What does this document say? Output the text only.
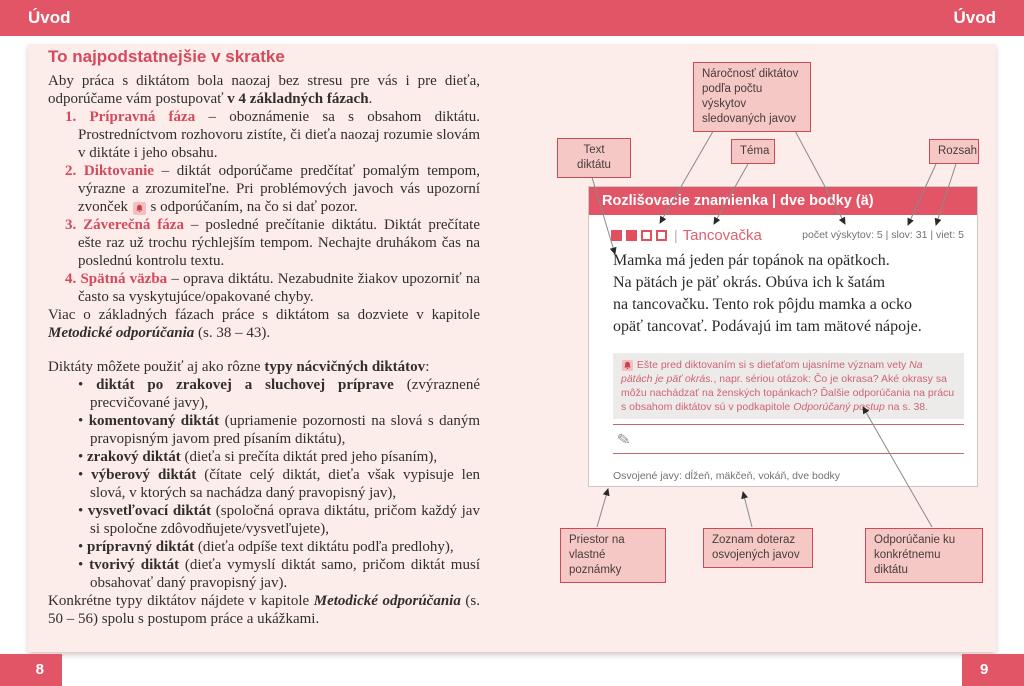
Úvod	Úvod
To najpodstatnejšie v skratke

Aby práca s diktátom bola naozaj bez stresu pre vás i pre dieťa, odporúčame vám postupovať v 4 základných fázach.

1. Prípravná fáza – oboznámenie sa s obsahom diktátu. Prostredníctvom rozhovoru zistíte, či dieťa naozaj rozumie slovám v diktáte i jeho obsahu.

2. Diktovanie – diktát odporúčame predčítať pomalým tempom, výrazne a zrozumiteľne. Pri problémových javoch vás upozorní zvonček
s odporúčaním, na čo si dať pozor.

3. Záverečná fáza – posledné prečítanie diktátu. Diktát prečítate ešte raz už trochu rýchlejším tempom. Nechajte druhákom čas na poslednú kontrolu textu.

4. Spätná väzba – oprava diktátu. Nezabudnite žiakov upozorniť na často sa vyskytujúce/opakované chyby.

Viac o základných fázach práce s diktátom sa dozviete v kapitole Metodické odporúčania (s. 38 – 43).

Diktáty môžete použiť aj ako rôzne typy nácvičných diktátov:

• diktát po zrakovej a sluchovej príprave (zvýraznené precvičované javy),

• komentovaný diktát (upriamenie pozornosti na slová s daným pravopisným javom pred písaním diktátu),

• zrakový diktát (dieťa si prečíta diktát pred jeho písaním),

• výberový diktát (čítate celý diktát, dieťa však vypisuje len slová, v ktorých sa nachádza daný pravopisný jav),

• vysvetľovací diktát (spoločná oprava diktátu, pričom každý jav si spoločne zdôvodňujete/vysvetľujete),

• prípravný diktát (dieťa odpíše text diktátu podľa predlohy),

• tvorivý diktát (dieťa vymyslí diktát samo, pričom diktát musí obsahovať daný pravopisný jav).

Konkrétne typy diktátov nájdete v kapitole Metodické odporúčania (s. 50 – 56) spolu s postupom práce a ukážkami.

Náročnosť diktátov podľa počtu výskytov sledovaných javov
Text diktátu
Téma	Rozsah
Priestor na vlastné poznámky
Zoznam doteraz osvojených javov
Odporúčanie ku konkrétnemu diktátu
Rozlišovacie znamienka | dve bodky (ä)
| Tancovačka	počet výskytov: 5 | slov: 31 | viet: 5

Mamka má jeden pár topánok na opätkoch.

Na pätách je päť okrás. Obúva ich k šatám

na tancovačku. Tento rok pôjdu mamka a ocko

opäť tancovať. Podávajú im tam mätové nápoje.

Ešte pred diktovaním si s dieťaťom ujasníme význam vety Na pätách je päť okrás., napr. sériou otázok: Čo je okrasa? Aké okrasy sa môžu nachádzať na ženských topánkach? Ďalšie odporúčania na prácu s obsahom diktátov sú v podkapitole Odporúčaný postup na s. 38.
✎
Osvojené javy: dĺžeň, mäkčeň, vokáň, dve bodky
8	9
